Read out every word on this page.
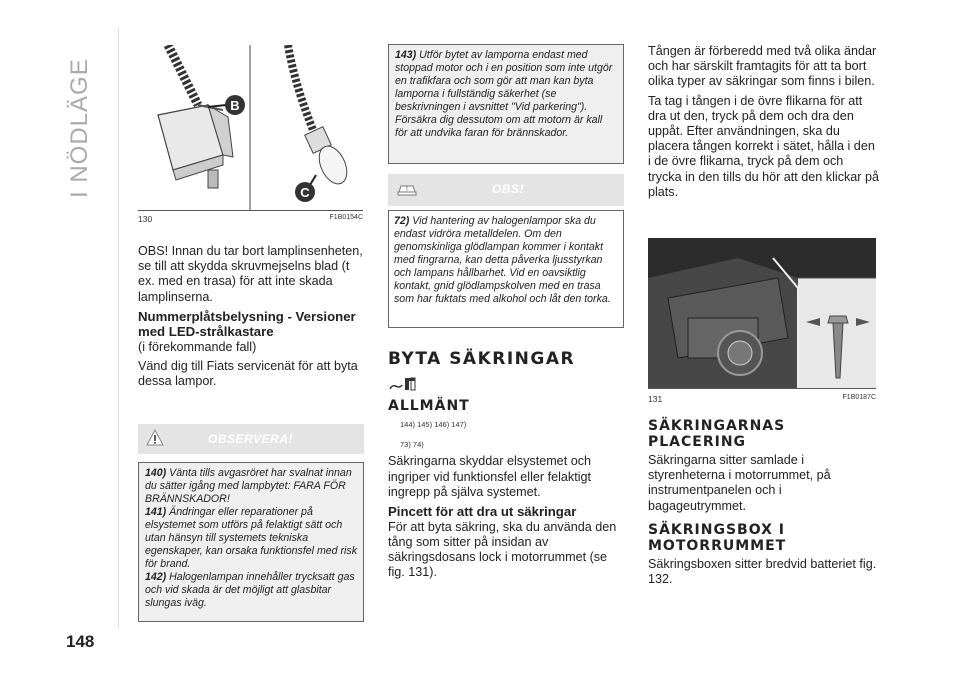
I NÖDLÄGE
148
B
C
130	F1B0154C

OBS! Innan du tar bort lamplinsenheten, se till att skydda skruvmejselns blad (t ex. med en trasa) för att inte skada lamplinserna.

Nummerplåtsbelysning - Versioner med LED-strålkastare

(i förekommande fall)

Vänd dig till Fiats servicenät för att byta dessa lampor.

OBSERVERA!
140) Vänta tills avgasröret har svalnat innan du sätter igång med lampbytet: FARA FÖR BRÄNNSKADOR!
141) Ändringar eller reparationer på elsystemet som utförs på felaktigt sätt och utan hänsyn till systemets tekniska egenskaper, kan orsaka funktionsfel med risk för brand.
142) Halogenlampan innehåller trycksatt gas och vid skada är det möjligt att glasbitar slungas iväg.
143) Utför bytet av lamporna endast med stoppad motor och i en position som inte utgör en trafikfara och som gör att man kan byta lamporna i fullständig säkerhet (se beskrivningen i avsnittet "Vid parkering"). Försäkra dig dessutom om att motorn är kall för att undvika faran för brännskador.
!	OBS!
72) Vid hantering av halogenlampor ska du endast vidröra metalldelen. Om den genomskinliga glödlampan kommer i kontakt med fingrarna, kan detta påverka ljusstyrkan och lampans hållbarhet. Vid en oavsiktlig kontakt, gnid glödlampskolven med en trasa som har fuktats med alkohol och låt den torka.
BYTA SÄKRINGAR
ALLMÄNT
144) 145) 146) 147)
73) 74)

Säkringarna skyddar elsystemet och ingriper vid funktionsfel eller felaktigt ingrepp på själva systemet.

Pincett för att dra ut säkringar

För att byta säkring, ska du använda den tång som sitter på insidan av säkringsdosans lock i motorrummet (se fig. 131).

Tången är förberedd med två olika ändar och har särskilt framtagits för att ta bort olika typer av säkringar som finns i bilen.

Ta tag i tången i de övre flikarna för att dra ut den, tryck på dem och dra den uppåt. Efter användningen, ska du placera tången korrekt i sätet, hålla i den i de övre flikarna, tryck på dem och trycka in den tills du hör att den klickar på plats.

131	F1B0187C
SÄKRINGARNAS PLACERING

Säkringarna sitter samlade i styrenheterna i motorrummet, på instrumentpanelen och i bagageutrymmet.

SÄKRINGSBOX I MOTORRUMMET

Säkringsboxen sitter bredvid batteriet fig. 132.
